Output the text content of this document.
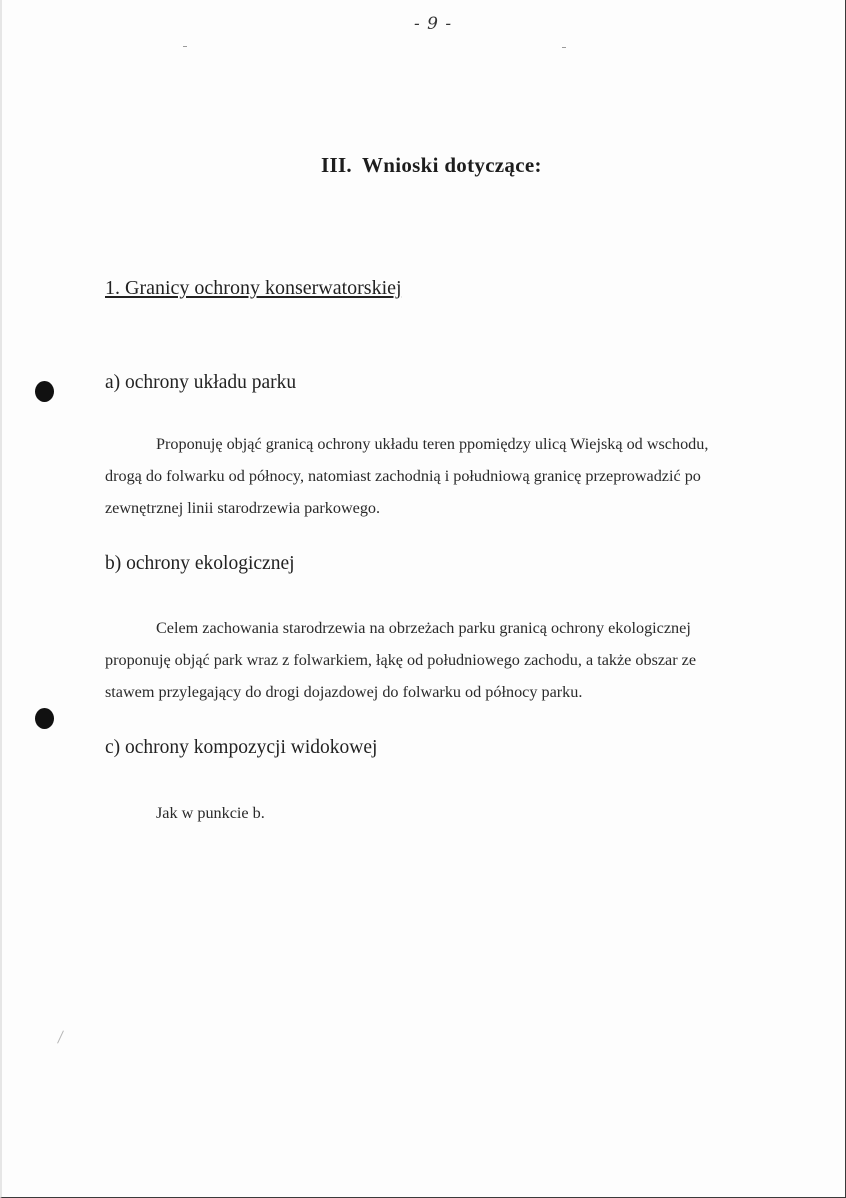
- 9 -
III. Wnioski dotyczące:
1. Granicy ochrony konserwatorskiej
a) ochrony układu parku

Proponuję objąć granicą ochrony układu teren ppomiędzy ulicą Wiejską od wschodu, drogą do folwarku od północy, natomiast zachodnią i południową granicę przeprowadzić po zewnętrznej linii starodrzewia parkowego.

b) ochrony ekologicznej

Celem zachowania starodrzewia na obrzeżach parku granicą ochrony ekologicznej proponuję objąć park wraz z folwarkiem, łąkę od południowego zachodu, a także obszar ze stawem przylegający do drogi dojazdowej do folwarku od północy parku.

c) ochrony kompozycji widokowej

Jak w punkcie b.
